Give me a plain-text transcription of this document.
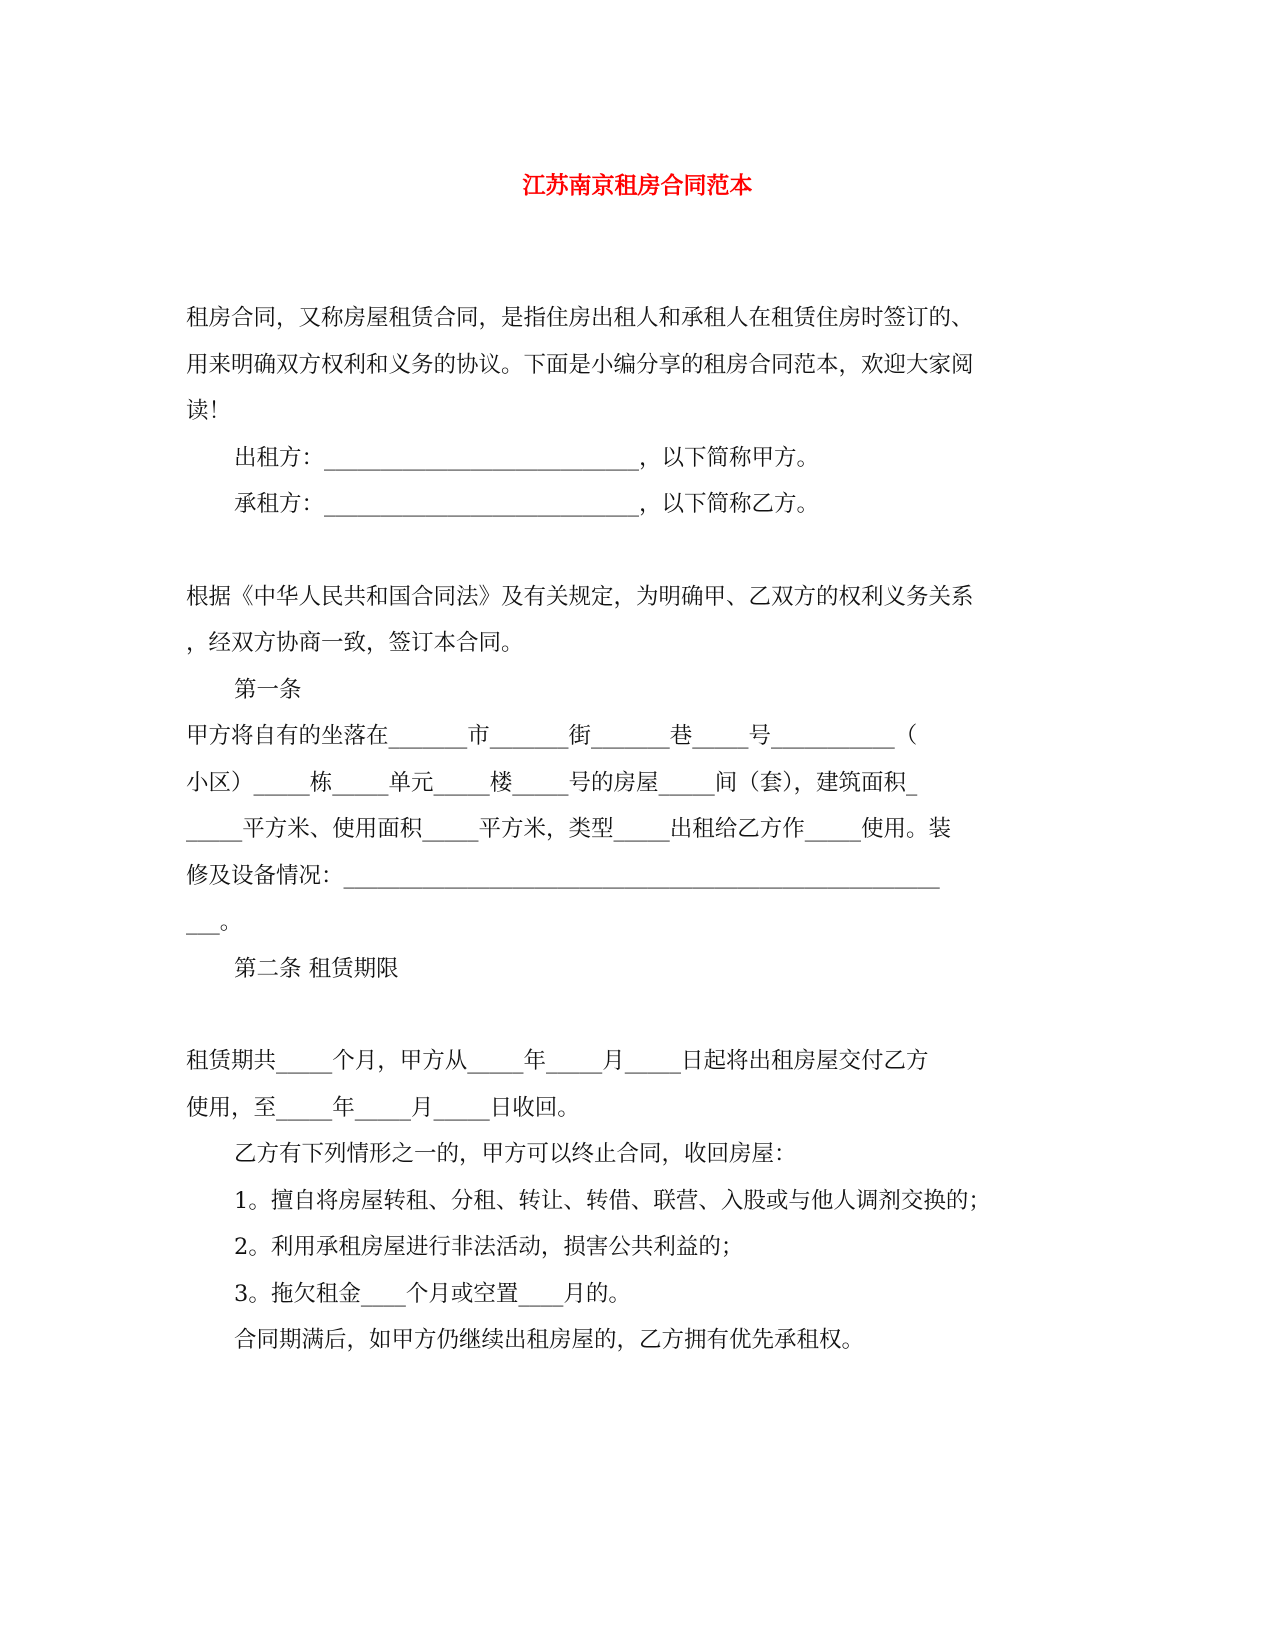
江苏南京租房合同范本
租房合同，又称房屋租赁合同，是指住房出租人和承租人在租赁住房时签订的、
用来明确双方权利和义务的协议。下面是小编分享的租房合同范本，欢迎大家阅
读！
出租方：____________________________，以下简称甲方。
承租方：____________________________，以下简称乙方。
根据《中华人民共和国合同法》及有关规定，为明确甲、乙双方的权利义务关系
，经双方协商一致，签订本合同。
第一条
甲方将自有的坐落在_______市_______街_______巷_____号___________（
小区）_____栋_____单元_____楼_____号的房屋_____间（套），建筑面积_
_____平方米、使用面积_____平方米，类型_____出租给乙方作_____使用。装
修及设备情况：_____________________________________________________
___。
第二条 租赁期限
租赁期共_____个月，甲方从_____年_____月_____日起将出租房屋交付乙方
使用，至_____年_____月_____日收回。
乙方有下列情形之一的，甲方可以终止合同，收回房屋：
1。擅自将房屋转租、分租、转让、转借、联营、入股或与他人调剂交换的；
2。利用承租房屋进行非法活动，损害公共利益的；
3。拖欠租金____个月或空置____月的。
合同期满后，如甲方仍继续出租房屋的，乙方拥有优先承租权。
